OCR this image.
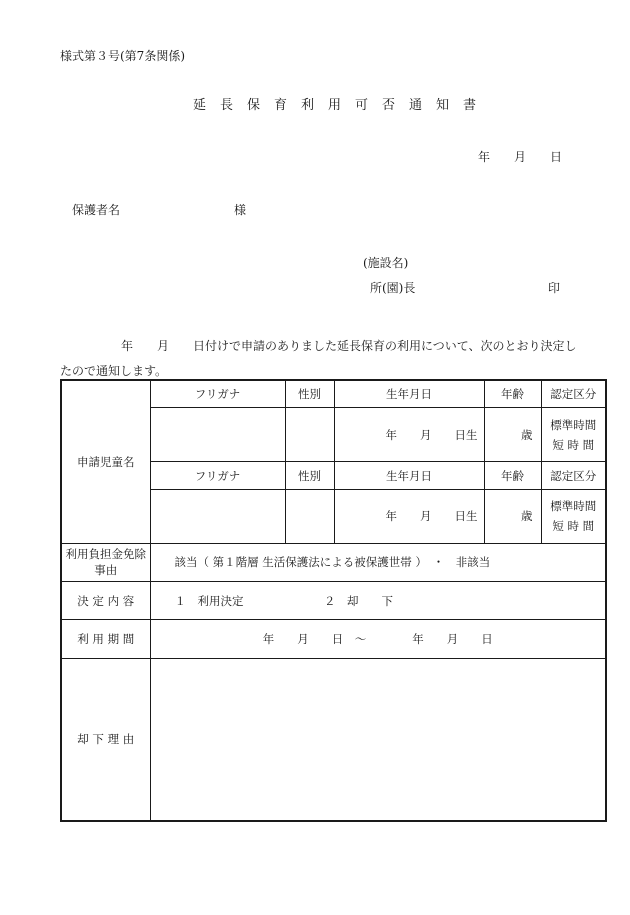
様式第３号(第7条関係)
延長保育利用可否通知書
年　　月　　日
保護者名	様
(施設名)
所(園)長	印
年　　月　　日付けで申請のありました延長保育の利用について、次のとおり決定したので通知します。
申請児童名	フリガナ	性別	生年月日	年齢	認定区分
			年　　月　　日生	歳	標準時間
短 時 間

	フリガナ	性別	生年月日	年齢	認定区分
			年　　月　　日生	歳	標準時間
短 時 間

利用負担金免除事由	該当（ 第１階層 生活保護法による被保護世帯 ）　・　非該当				
決 定 内 容	１　利用決定　　　　　　　２　却　　下				
利 用 期 間	年　　月　　日　～　　　　年　　月　　日				
却 下 理 由					
